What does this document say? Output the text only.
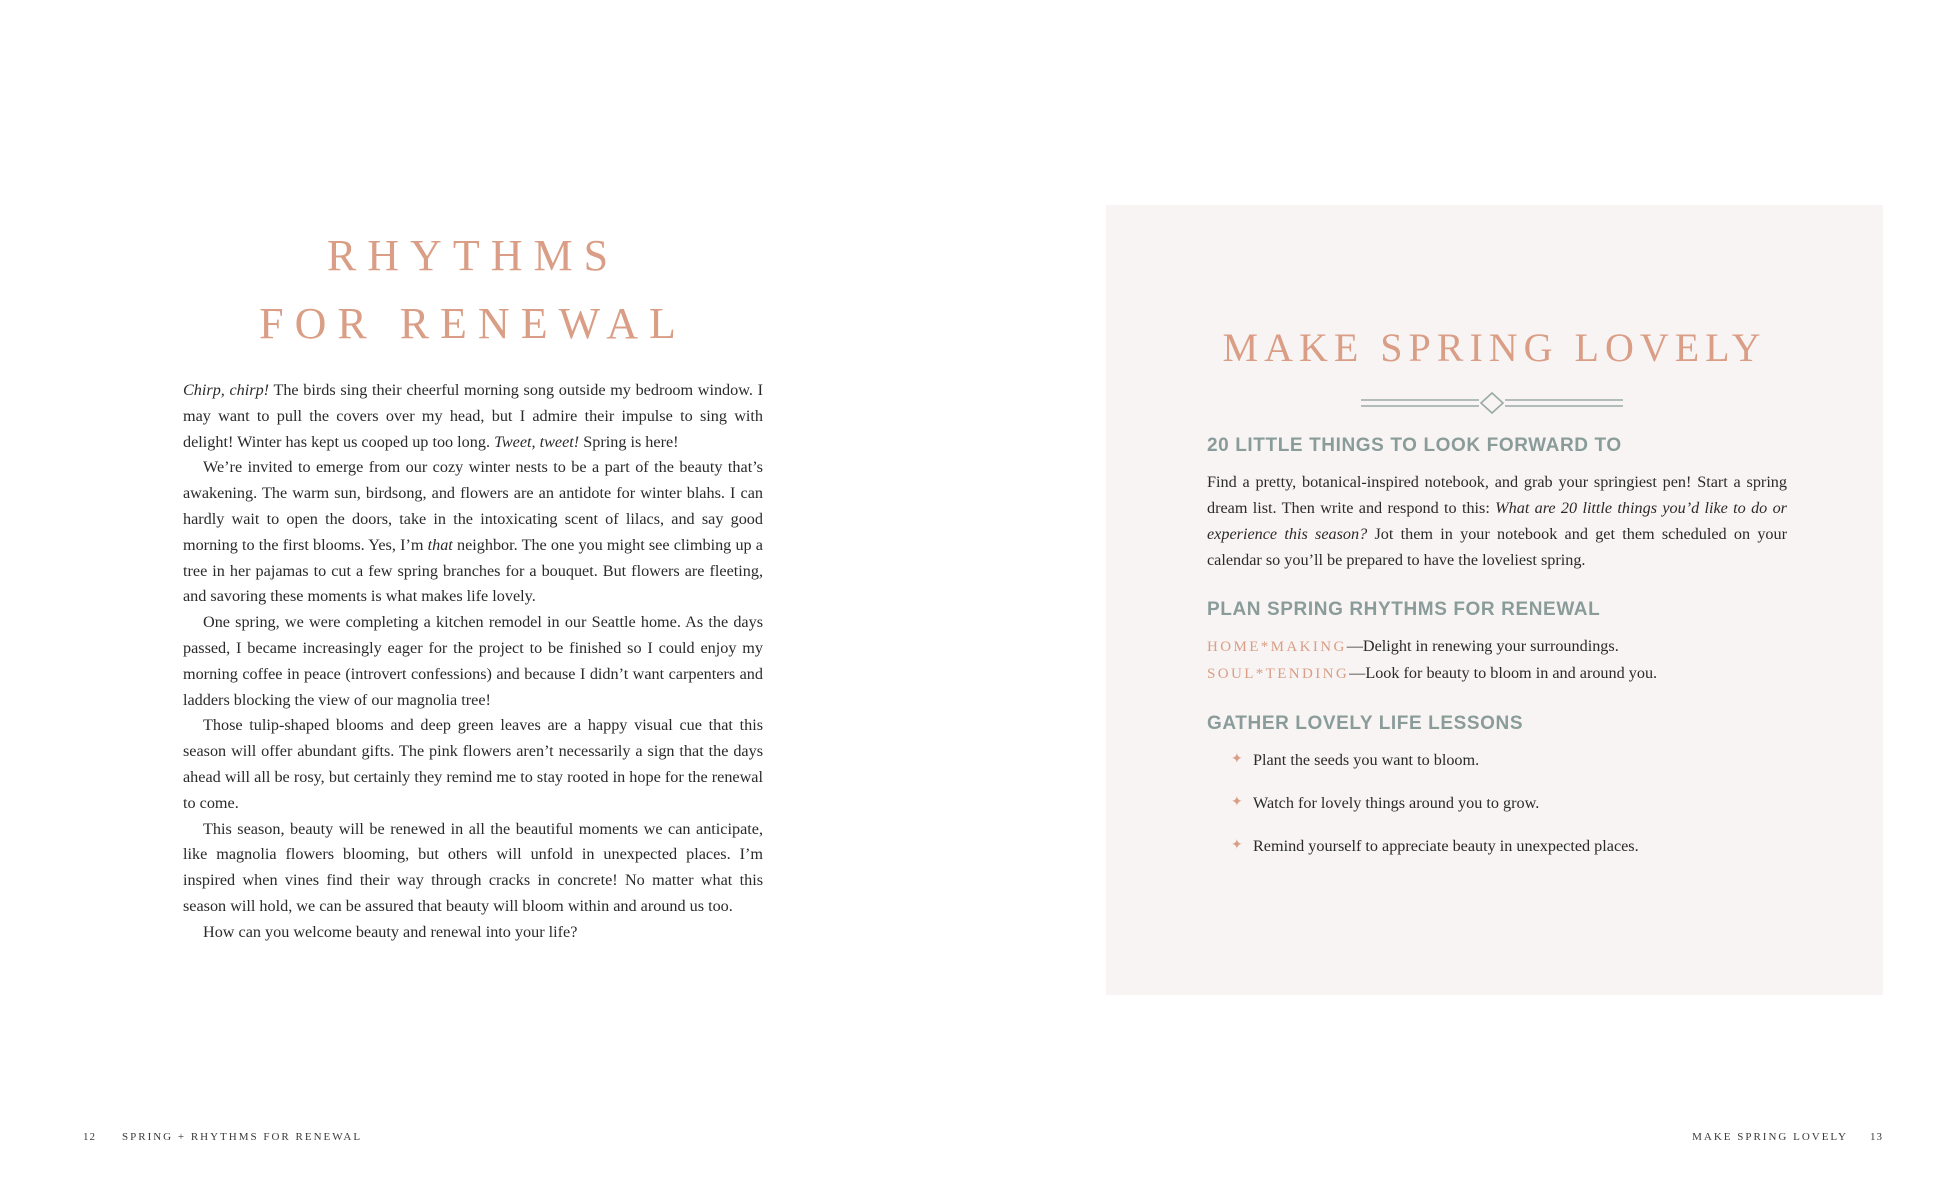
RHYTHMS
FOR RENEWAL

Chirp, chirp! The birds sing their cheerful morning song outside my bedroom window. I may want to pull the covers over my head, but I admire their impulse to sing with delight! Winter has kept us cooped up too long. Tweet, tweet! Spring is here!

We’re invited to emerge from our cozy winter nests to be a part of the beauty that’s awakening. The warm sun, birdsong, and flowers are an antidote for winter blahs. I can hardly wait to open the doors, take in the intoxicating scent of lilacs, and say good morning to the first blooms. Yes, I’m that neighbor. The one you might see climbing up a tree in her pajamas to cut a few spring branches for a bouquet. But flowers are fleeting, and savoring these moments is what makes life lovely.

One spring, we were completing a kitchen remodel in our Seattle home. As the days passed, I became increasingly eager for the project to be finished so I could enjoy my morning coffee in peace (introvert confessions) and because I didn’t want carpenters and ladders blocking the view of our magnolia tree!

Those tulip-shaped blooms and deep green leaves are a happy visual cue that this season will offer abundant gifts. The pink flowers aren’t necessarily a sign that the days ahead will all be rosy, but certainly they remind me to stay rooted in hope for the renewal to come.

This season, beauty will be renewed in all the beautiful moments we can anticipate, like magnolia flowers blooming, but others will unfold in unexpected places. I’m inspired when vines find their way through cracks in concrete! No matter what this season will hold, we can be assured that beauty will bloom within and around us too.

How can you welcome beauty and renewal into your life?

12 SPRING + RHYTHMS FOR RENEWAL
MAKE SPRING LOVELY
20 LITTLE THINGS TO LOOK FORWARD TO

Find a pretty, botanical-inspired notebook, and grab your springiest pen! Start a spring dream list. Then write and respond to this: What are 20 little things you’d like to do or experience this season? Jot them in your notebook and get them scheduled on your calendar so you’ll be prepared to have the loveliest spring.

PLAN SPRING RHYTHMS FOR RENEWAL
HOME*MAKING—Delight in renewing your surroundings.
SOUL*TENDING—Look for beauty to bloom in and around you.
GATHER LOVELY LIFE LESSONS
✦ Plant the seeds you want to bloom.
✦ Watch for lovely things around you to grow.
✦ Remind yourself to appreciate beauty in unexpected places.
MAKE SPRING LOVELY 13
